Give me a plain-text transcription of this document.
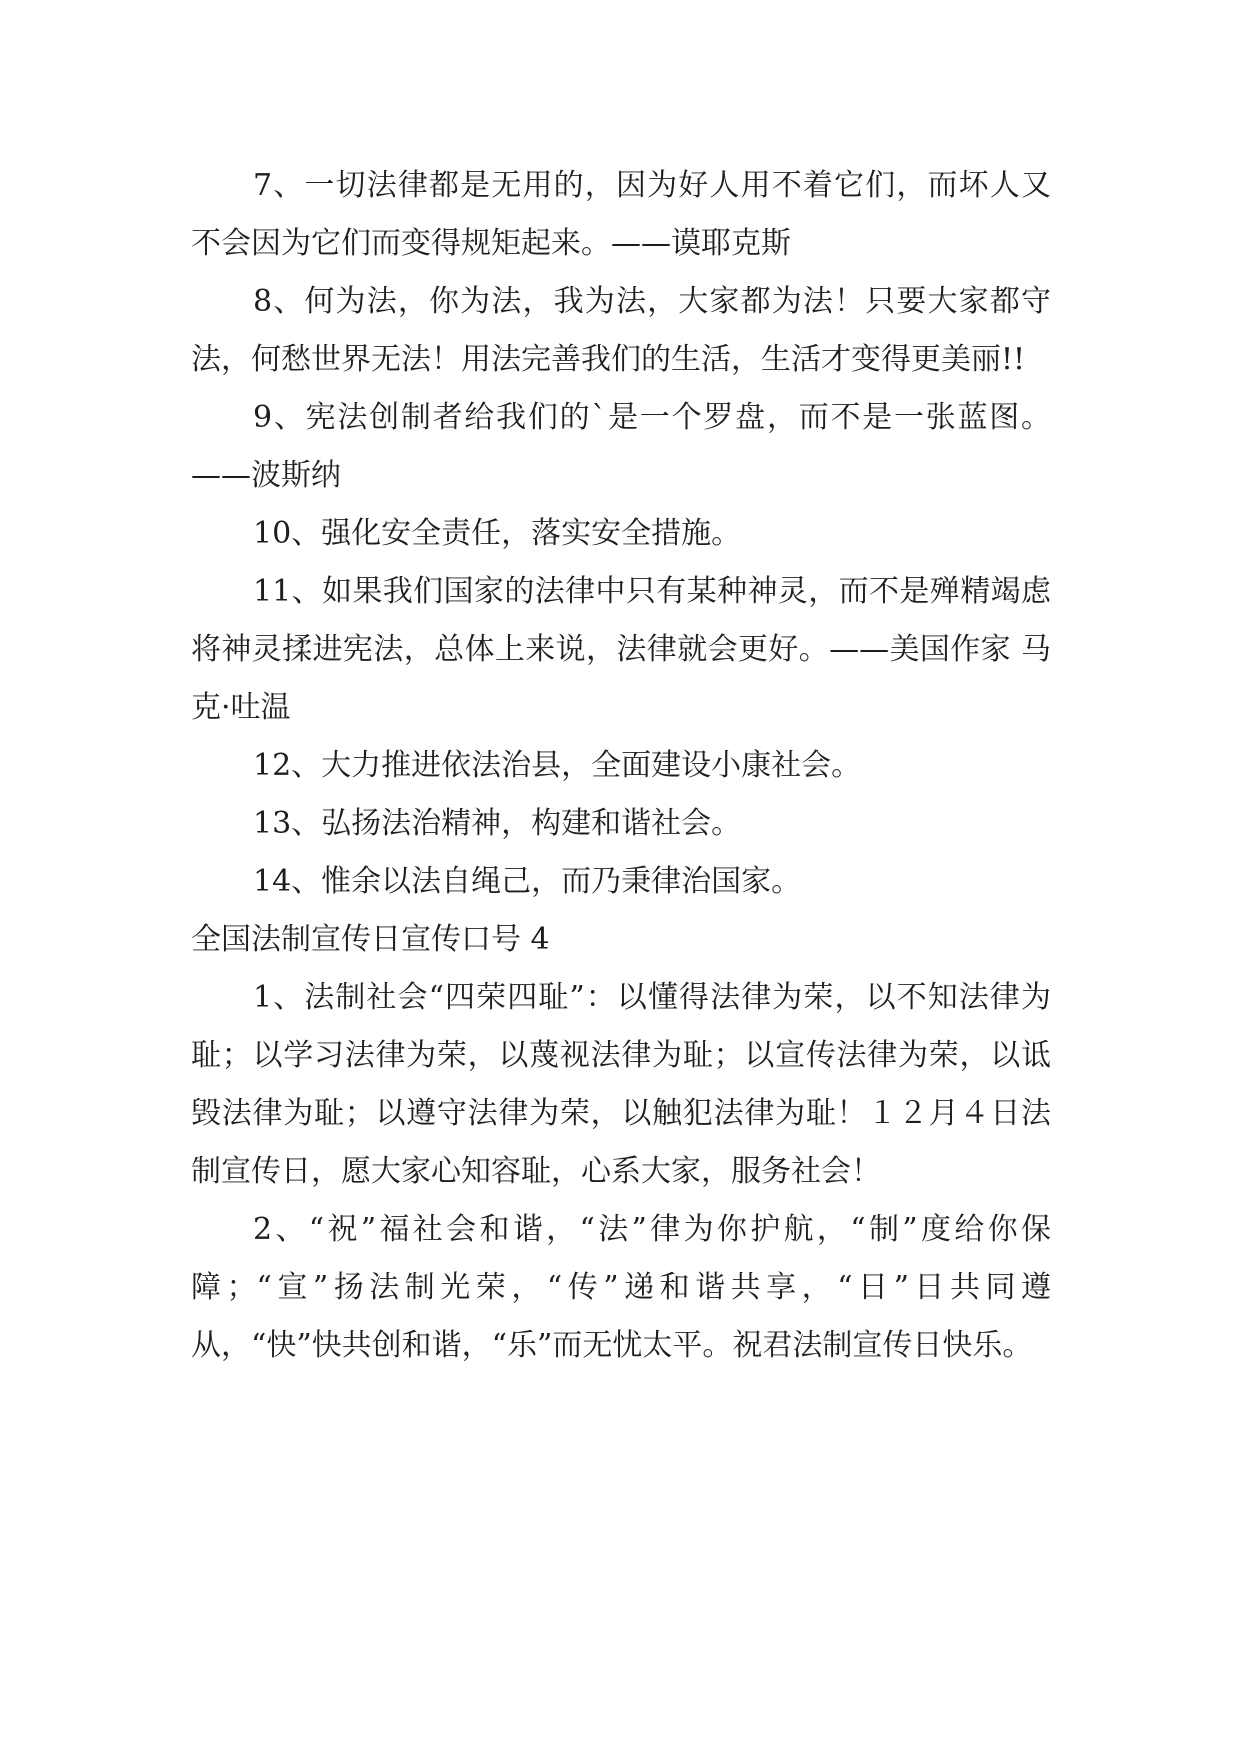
7、一切法律都是无用的，因为好人用不着它们，而坏人又不会因为它们而变得规矩起来。——谟耶克斯

8、何为法，你为法，我为法，大家都为法！只要大家都守法，何愁世界无法！用法完善我们的生活，生活才变得更美丽!!

9、宪法创制者给我们的`是一个罗盘，而不是一张蓝图。——波斯纳

10、强化安全责任，落实安全措施。

11、如果我们国家的法律中只有某种神灵，而不是殚精竭虑将神灵揉进宪法，总体上来说，法律就会更好。——美国作家 马克·吐温

12、大力推进依法治县，全面建设小康社会。

13、弘扬法治精神，构建和谐社会。

14、惟余以法自绳己，而乃秉律治国家。

全国法制宣传日宣传口号 4

1、法制社会“四荣四耻”：以懂得法律为荣，以不知法律为耻；以学习法律为荣，以蔑视法律为耻；以宣传法律为荣，以诋毁法律为耻；以遵守法律为荣，以触犯法律为耻！１２月４日法制宣传日，愿大家心知容耻，心系大家，服务社会！

2、“祝”福社会和谐，“法”律为你护航，“制”度给你保障；“宣”扬法制光荣，“传”递和谐共享，“日”日共同遵从，“快”快共创和谐，“乐”而无忧太平。祝君法制宣传日快乐。
